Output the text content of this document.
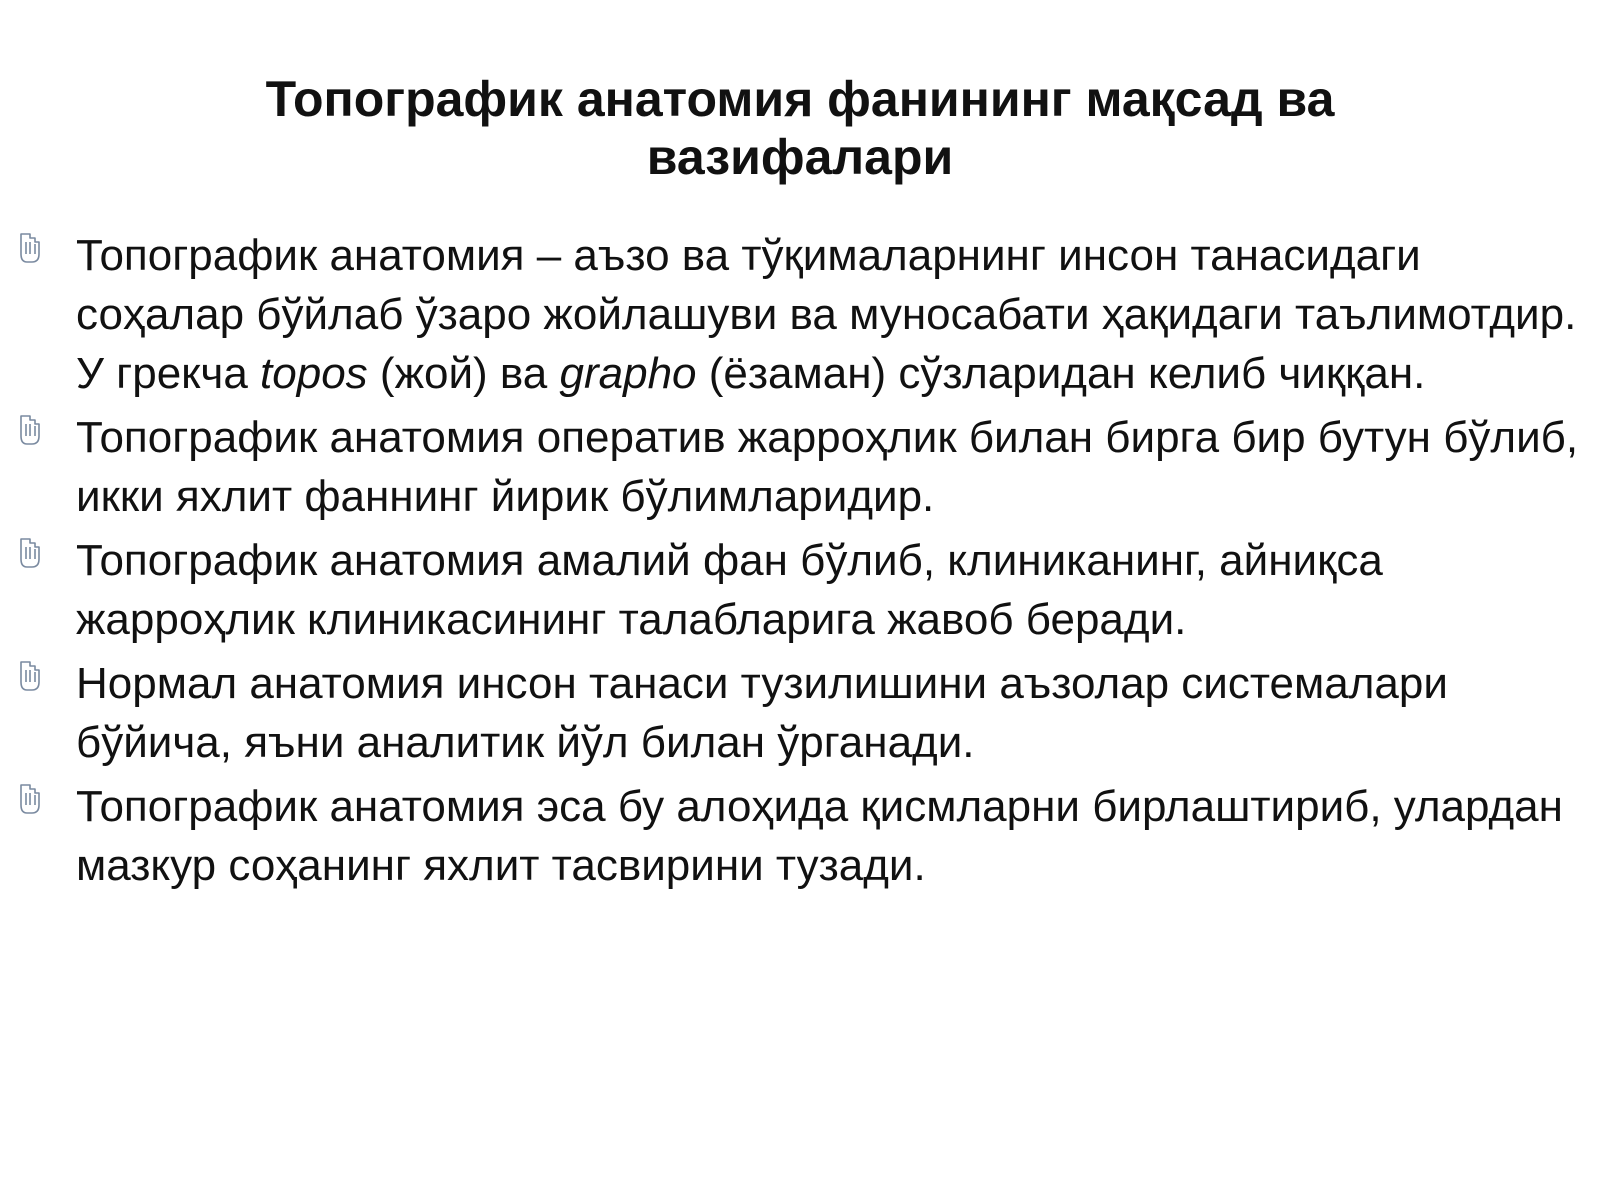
Топографик анатомия фанининг мақсад ва вазифалари
Топографик анатомия – аъзо ва тўқималарнинг инсон танасидаги соҳалар бўйлаб ўзаро жойлашуви ва муносабати ҳақидаги таълимотдир. У грекча topos (жой) ва grapho (ёзаман) сўзларидан келиб чиққан.
Топографик анатомия оператив жарроҳлик билан бирга бир бутун бўлиб, икки яхлит фаннинг йирик бўлимларидир.
Топографик анатомия амалий фан бўлиб, клиниканинг, айниқса жарроҳлик клиникасининг талабларига жавоб беради.
Нормал анатомия инсон танаси тузилишини аъзолар системалари бўйича, яъни аналитик йўл билан ўрганади.
Топографик анатомия эса бу алоҳида қисмларни бирлаштириб, улардан мазкур соҳанинг яхлит тасвирини тузади.
